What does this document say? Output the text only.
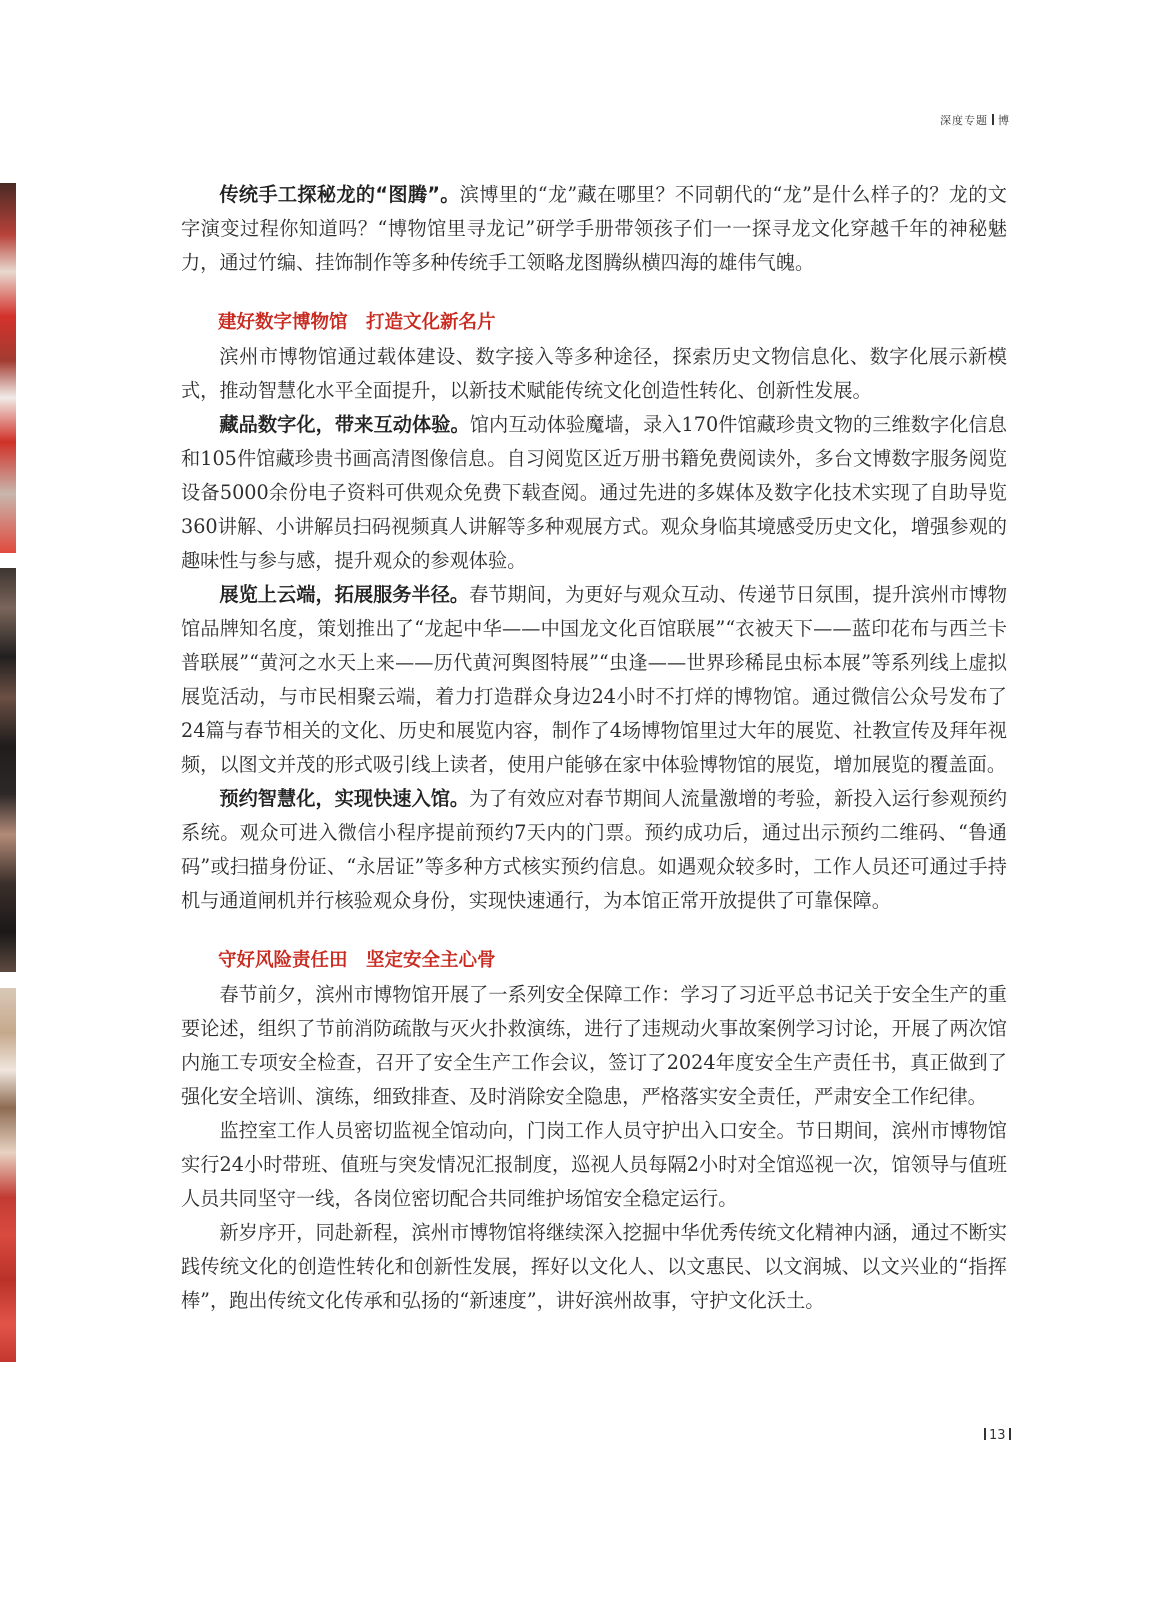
深度专题 博

传统手工探秘龙的“图腾”。滨博里的“龙”藏在哪里？不同朝代的“龙”是什么样子的？龙的文字演变过程你知道吗？“博物馆里寻龙记”研学手册带领孩子们一一探寻龙文化穿越千年的神秘魅力，通过竹编、挂饰制作等多种传统手工领略龙图腾纵横四海的雄伟气魄。

建好数字博物馆　打造文化新名片

滨州市博物馆通过载体建设、数字接入等多种途径，探索历史文物信息化、数字化展示新模式，推动智慧化水平全面提升，以新技术赋能传统文化创造性转化、创新性发展。

藏品数字化，带来互动体验。馆内互动体验魔墙，录入170件馆藏珍贵文物的三维数字化信息和105件馆藏珍贵书画高清图像信息。自习阅览区近万册书籍免费阅读外，多台文博数字服务阅览设备5000余份电子资料可供观众免费下载查阅。通过先进的多媒体及数字化技术实现了自助导览360讲解、小讲解员扫码视频真人讲解等多种观展方式。观众身临其境感受历史文化，增强参观的趣味性与参与感，提升观众的参观体验。

展览上云端，拓展服务半径。春节期间，为更好与观众互动、传递节日氛围，提升滨州市博物馆品牌知名度，策划推出了“龙起中华——中国龙文化百馆联展”“衣被天下——蓝印花布与西兰卡普联展”“黄河之水天上来——历代黄河舆图特展”“虫逢——世界珍稀昆虫标本展”等系列线上虚拟展览活动，与市民相聚云端，着力打造群众身边24小时不打烊的博物馆。通过微信公众号发布了24篇与春节相关的文化、历史和展览内容，制作了4场博物馆里过大年的展览、社教宣传及拜年视频，以图文并茂的形式吸引线上读者，使用户能够在家中体验博物馆的展览，增加展览的覆盖面。

预约智慧化，实现快速入馆。为了有效应对春节期间人流量激增的考验，新投入运行参观预约系统。观众可进入微信小程序提前预约7天内的门票。预约成功后，通过出示预约二维码、“鲁通码”或扫描身份证、“永居证”等多种方式核实预约信息。如遇观众较多时，工作人员还可通过手持机与通道闸机并行核验观众身份，实现快速通行，为本馆正常开放提供了可靠保障。

守好风险责任田　坚定安全主心骨

春节前夕，滨州市博物馆开展了一系列安全保障工作：学习了习近平总书记关于安全生产的重要论述，组织了节前消防疏散与灭火扑救演练，进行了违规动火事故案例学习讨论，开展了两次馆内施工专项安全检查，召开了安全生产工作会议，签订了2024年度安全生产责任书，真正做到了强化安全培训、演练，细致排查、及时消除安全隐患，严格落实安全责任，严肃安全工作纪律。

监控室工作人员密切监视全馆动向，门岗工作人员守护出入口安全。节日期间，滨州市博物馆实行24小时带班、值班与突发情况汇报制度，巡视人员每隔2小时对全馆巡视一次，馆领导与值班人员共同坚守一线，各岗位密切配合共同维护场馆安全稳定运行。

新岁序开，同赴新程，滨州市博物馆将继续深入挖掘中华优秀传统文化精神内涵，通过不断实践传统文化的创造性转化和创新性发展，挥好以文化人、以文惠民、以文润城、以文兴业的“指挥棒”，跑出传统文化传承和弘扬的“新速度”，讲好滨州故事，守护文化沃土。

13
